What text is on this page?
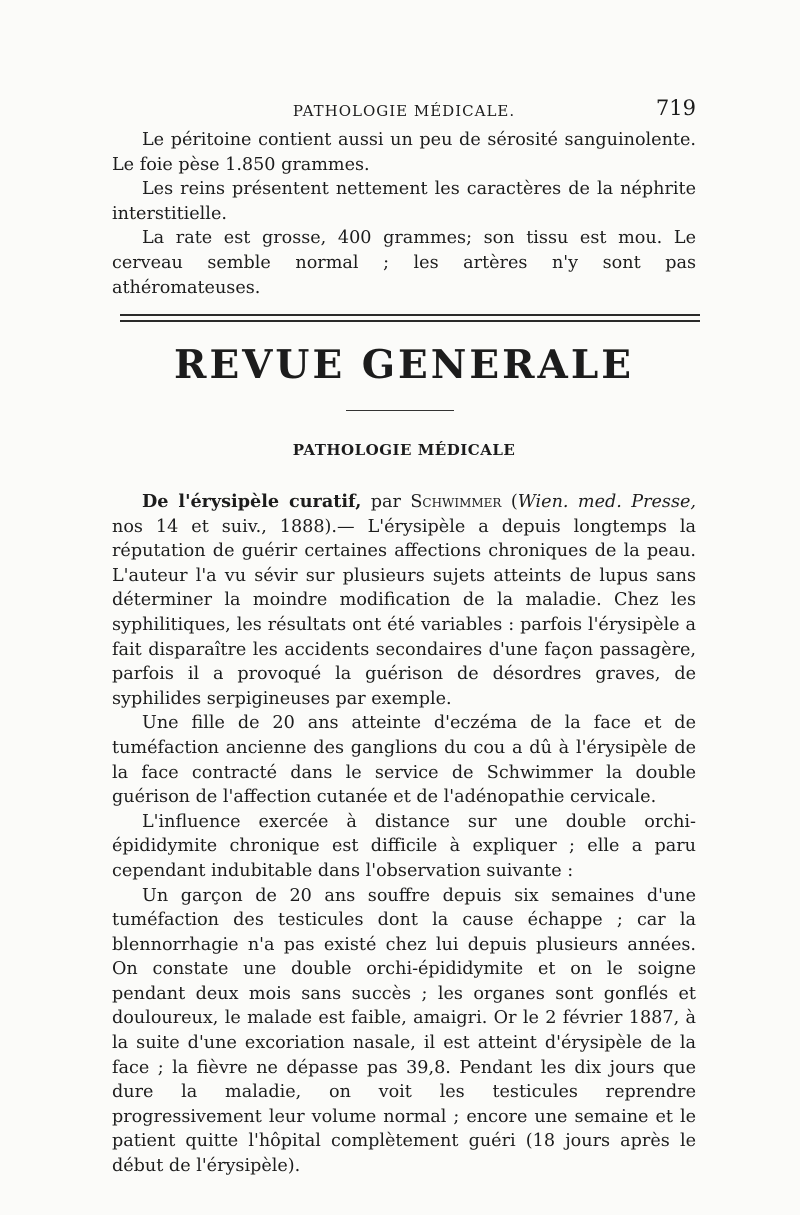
PATHOLOGIE MÉDICALE.	719

Le péritoine contient aussi un peu de sérosité sanguinolente. Le foie pèse 1.850 grammes.

Les reins présentent nettement les caractères de la néphrite interstitielle.

La rate est grosse, 400 grammes; son tissu est mou. Le cerveau semble normal ; les artères n'y sont pas athéromateuses.

REVUE GENERALE
PATHOLOGIE MÉDICALE

De l'érysipèle curatif, par Schwimmer (Wien. med. Presse, nos 14 et suiv., 1888).— L'érysipèle a depuis longtemps la réputation de guérir certaines affections chroniques de la peau. L'auteur l'a vu sévir sur plusieurs sujets atteints de lupus sans déterminer la moindre modification de la maladie. Chez les syphilitiques, les résultats ont été variables : parfois l'érysipèle a fait disparaître les accidents secondaires d'une façon passagère, parfois il a provoqué la guérison de désordres graves, de syphilides serpigineuses par exemple.

Une fille de 20 ans atteinte d'eczéma de la face et de tuméfaction ancienne des ganglions du cou a dû à l'érysipèle de la face contracté dans le service de Schwimmer la double guérison de l'affection cutanée et de l'adénopathie cervicale.

L'influence exercée à distance sur une double orchi-épididymite chronique est difficile à expliquer ; elle a paru cependant indubitable dans l'observation suivante :

Un garçon de 20 ans souffre depuis six semaines d'une tuméfaction des testicules dont la cause échappe ; car la blennorrhagie n'a pas existé chez lui depuis plusieurs années. On constate une double orchi-épididymite et on le soigne pendant deux mois sans succès ; les organes sont gonflés et douloureux, le malade est faible, amaigri. Or le 2 février 1887, à la suite d'une excoriation nasale, il est atteint d'érysipèle de la face ; la fièvre ne dépasse pas 39,8. Pendant les dix jours que dure la maladie, on voit les testicules reprendre progressivement leur volume normal ; encore une semaine et le patient quitte l'hôpital complètement guéri (18 jours après le début de l'érysipèle).
